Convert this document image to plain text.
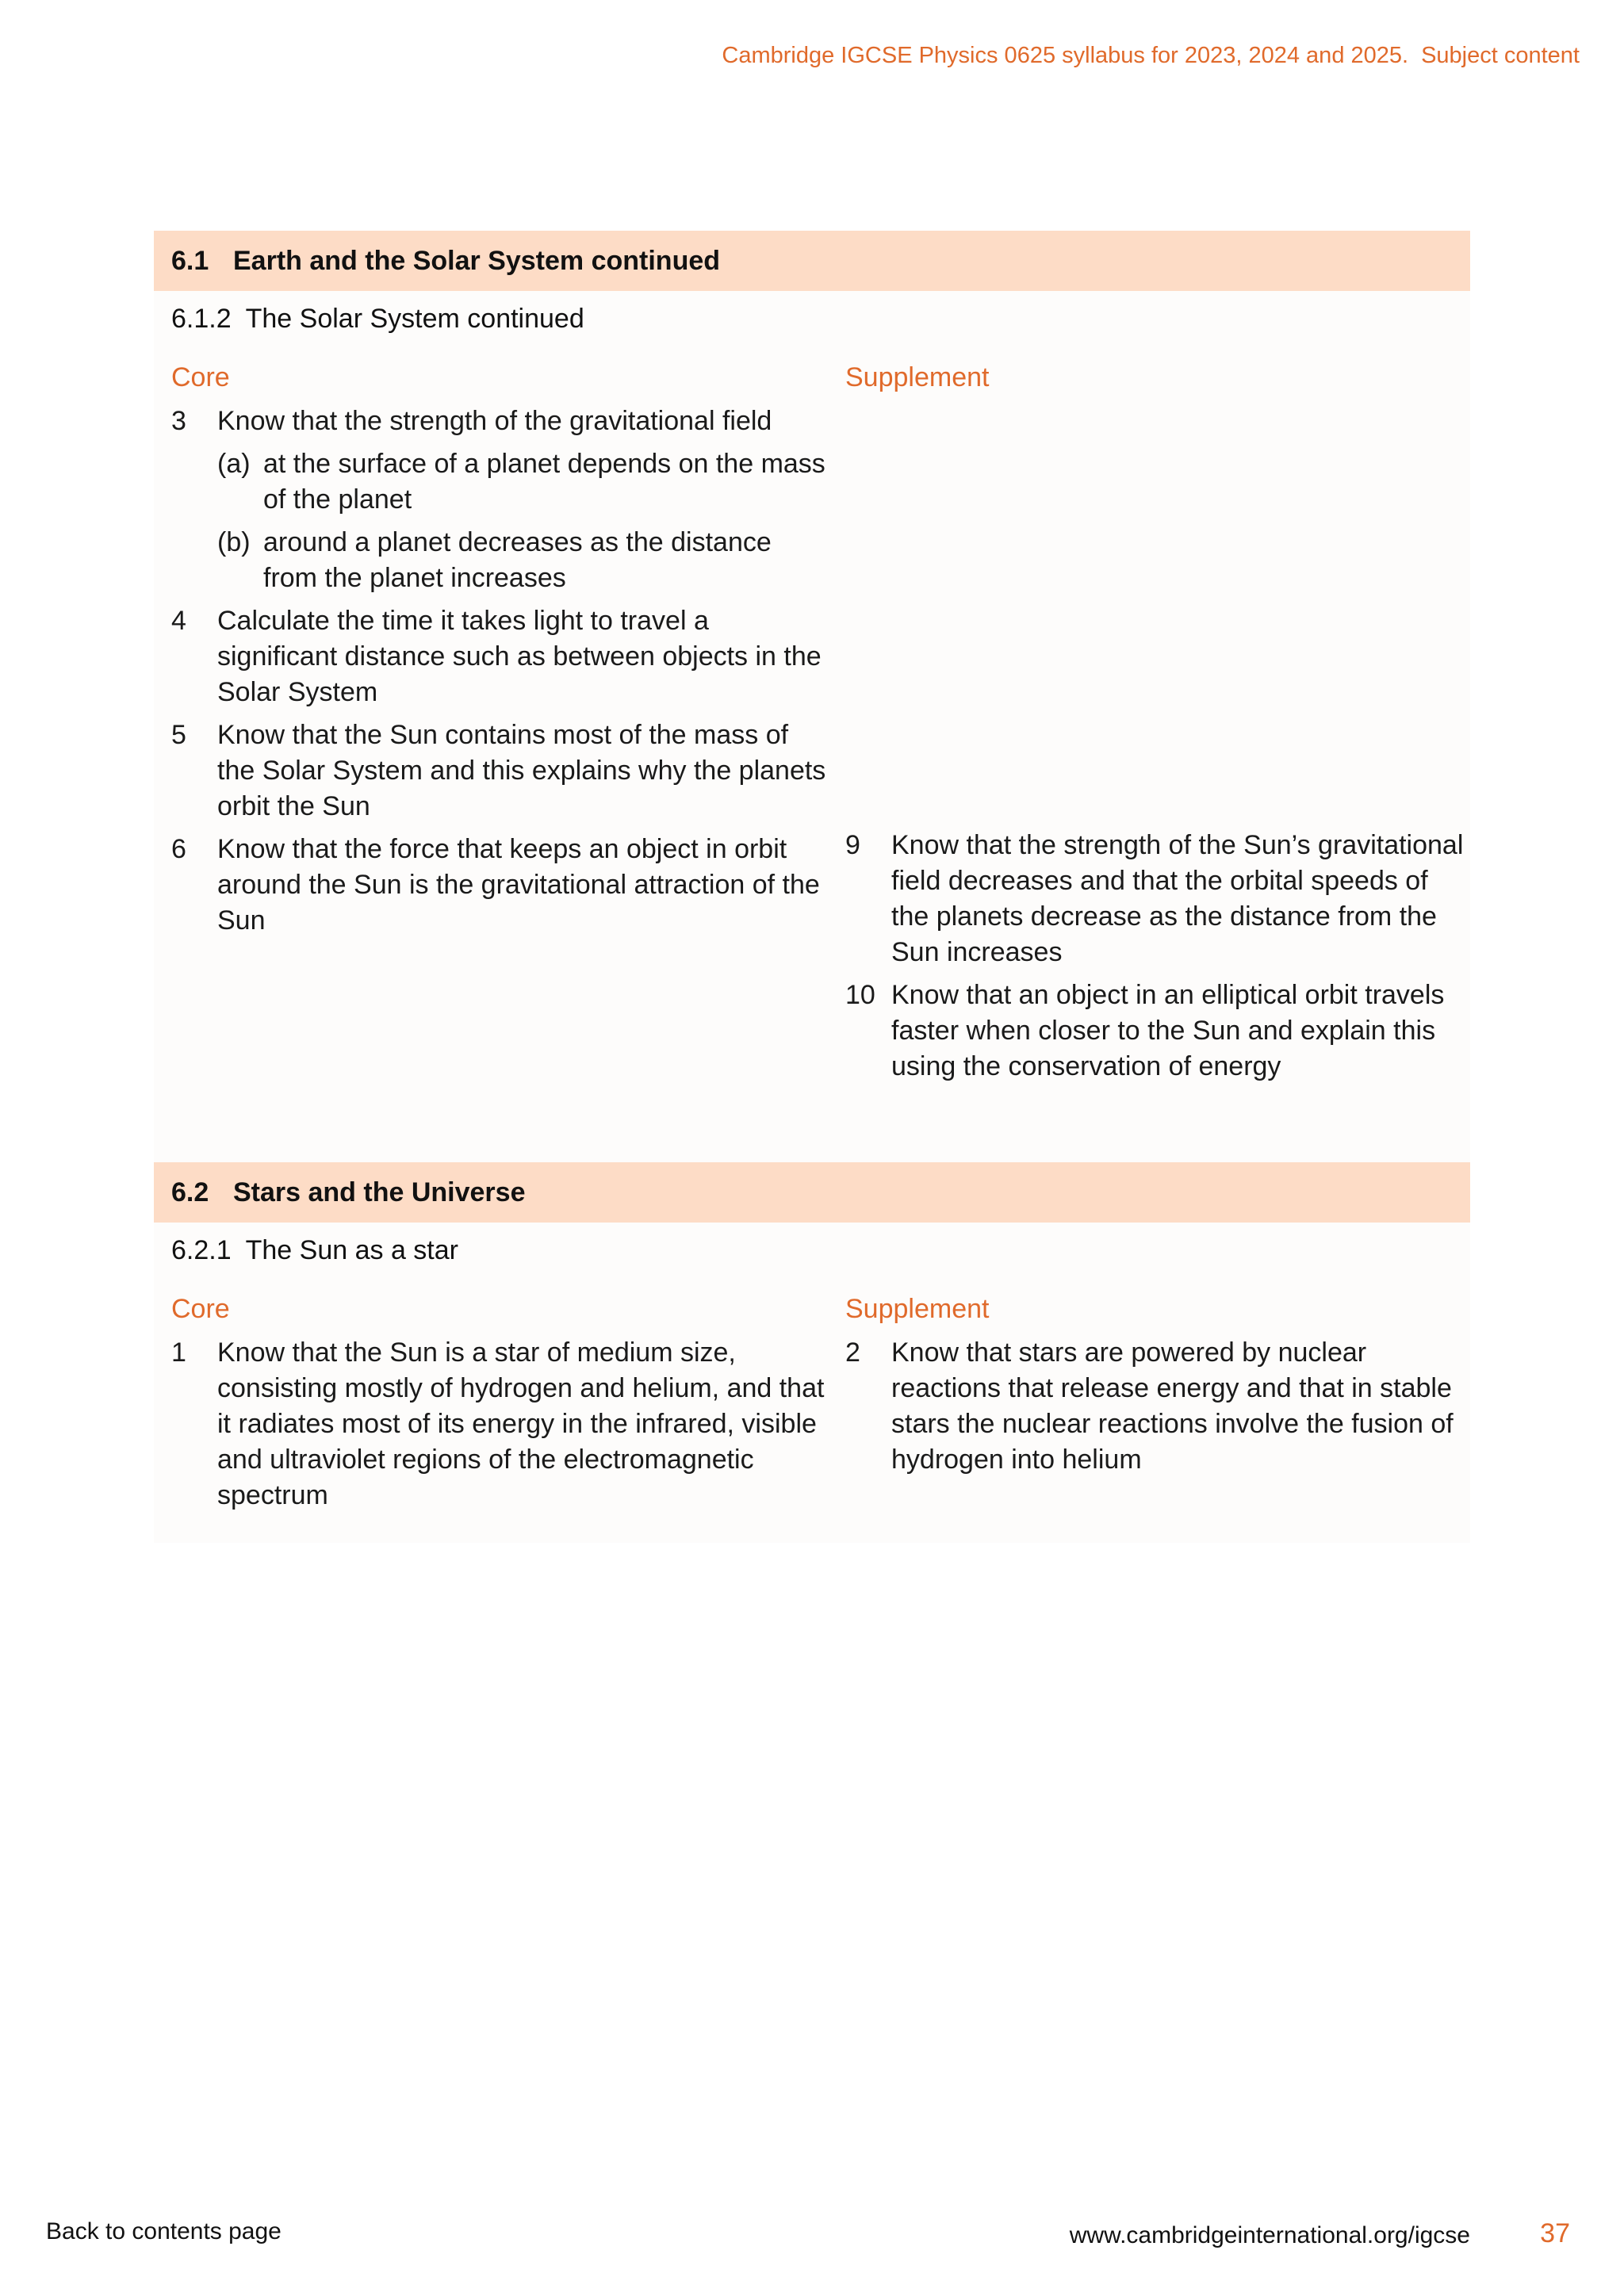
Cambridge IGCSE Physics 0625 syllabus for 2023, 2024 and 2025. Subject content
6.1 Earth and the Solar System continued
6.1.2 The Solar System continued
Core
3	Know that the strength of the gravitational field
(a) at the surface of a planet depends on the mass of the planet
(b) around a planet decreases as the distance from the planet increases
4	Calculate the time it takes light to travel a significant distance such as between objects in the Solar System
5	Know that the Sun contains most of the mass of the Solar System and this explains why the planets orbit the Sun
6	Know that the force that keeps an object in orbit around the Sun is the gravitational attraction of the Sun
Supplement
9	Know that the strength of the Sun’s gravitational field decreases and that the orbital speeds of the planets decrease as the distance from the Sun increases
10 Know that an object in an elliptical orbit travels faster when closer to the Sun and explain this using the conservation of energy
6.2 Stars and the Universe
6.2.1 The Sun as a star
Core
1	Know that the Sun is a star of medium size, consisting mostly of hydrogen and helium, and that it radiates most of its energy in the infrared, visible and ultraviolet regions of the electromagnetic spectrum
Supplement
2	Know that stars are powered by nuclear reactions that release energy and that in stable stars the nuclear reactions involve the fusion of hydrogen into helium
Back to contents page	www.cambridgeinternational.org/igcse	37
